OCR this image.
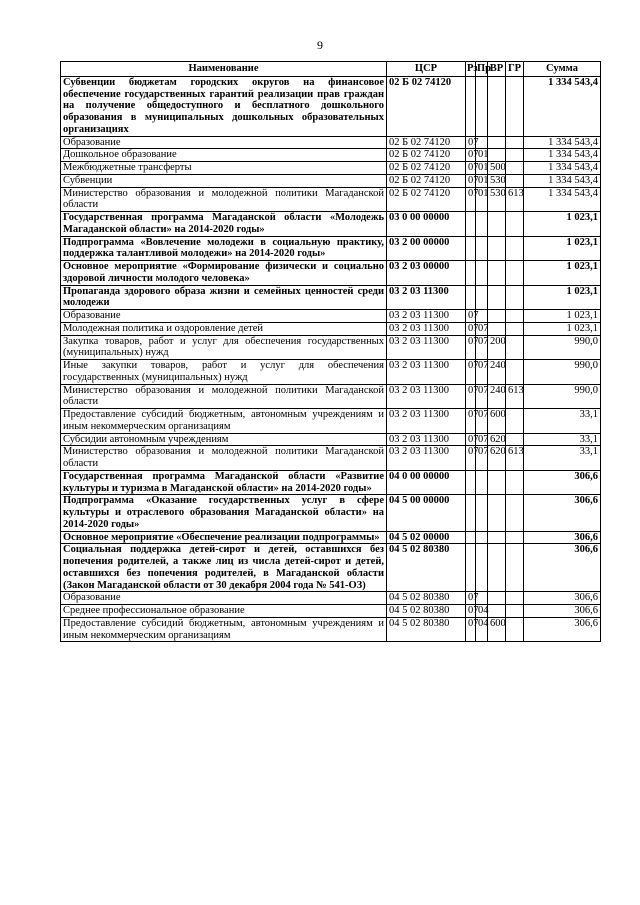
9
Наименование	ЦСР	Рз	Пр	ВР	ГР	Сумма
Субвенции бюджетам городских округов на финансовое обеспечение государственных гарантий реализации прав граждан на получение общедоступного и бесплатного дошкольного образования в муниципальных дошкольных образовательных организациях	02 Б 02 74120					1 334 543,4
Образование	02 Б 02 74120	07				1 334 543,4
Дошкольное образование	02 Б 02 74120	07	01			1 334 543,4
Межбюджетные трансферты	02 Б 02 74120	07	01	500		1 334 543,4
Субвенции	02 Б 02 74120	07	01	530		1 334 543,4
Министерство образования и молодежной политики Магаданской области	02 Б 02 74120	07	01	530	613	1 334 543,4
Государственная программа Магаданской области «Молодежь Магаданской области» на 2014-2020 годы»	03 0 00 00000					1 023,1
Подпрограмма «Вовлечение молодежи в социальную практику, поддержка талантливой молодежи» на 2014-2020 годы»	03 2 00 00000					1 023,1
Основное мероприятие «Формирование физически и социально здоровой личности молодого человека»	03 2 03 00000					1 023,1
Пропаганда здорового образа жизни и семейных ценностей среди молодежи	03 2 03 11300					1 023,1
Образование	03 2 03 11300	07				1 023,1
Молодежная политика и оздоровление детей	03 2 03 11300	07	07			1 023,1
Закупка товаров, работ и услуг для обеспечения государственных (муниципальных) нужд	03 2 03 11300	07	07	200		990,0
Иные закупки товаров, работ и услуг для обеспечения государственных (муниципальных) нужд	03 2 03 11300	07	07	240		990,0
Министерство образования и молодежной политики Магаданской области	03 2 03 11300	07	07	240	613	990,0
Предоставление субсидий бюджетным, автономным учреждениям и иным некоммерческим организациям	03 2 03 11300	07	07	600		33,1
Субсидии автономным учреждениям	03 2 03 11300	07	07	620		33,1
Министерство образования и молодежной политики Магаданской области	03 2 03 11300	07	07	620	613	33,1
Государственная программа Магаданской области «Развитие культуры и туризма в Магаданской области» на 2014-2020 годы»	04 0 00 00000					306,6
Подпрограмма «Оказание государственных услуг в сфере культуры и отраслевого образования Магаданской области» на 2014-2020 годы»	04 5 00 00000					306,6
Основное мероприятие «Обеспечение реализации подпрограммы»	04 5 02 00000					306,6
Социальная поддержка детей-сирот и детей, оставшихся без попечения родителей, а также лиц из числа детей-сирот и детей, оставшихся без попечения родителей, в Магаданской области (Закон Магаданской области от 30 декабря 2004 года № 541-ОЗ)	04 5 02 80380					306,6
Образование	04 5 02 80380	07				306,6
Среднее профессиональное образование	04 5 02 80380	07	04			306,6
Предоставление субсидий бюджетным, автономным учреждениям и иным некоммерческим организациям	04 5 02 80380	07	04	600		306,6
